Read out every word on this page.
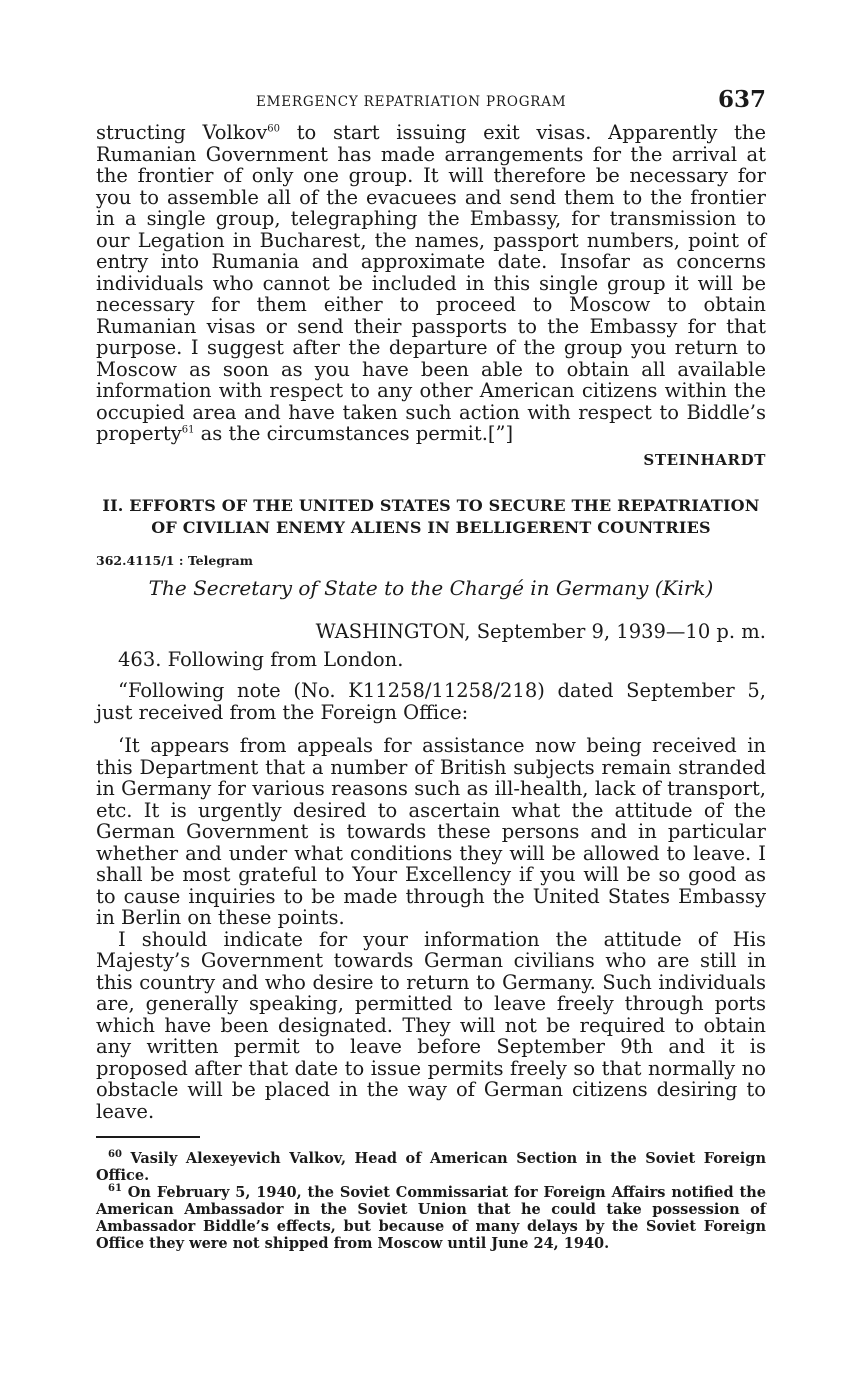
EMERGENCY REPATRIATION PROGRAM	637

structing Volkov$^{60}$ to start issuing exit visas. Apparently the Rumanian Government has made arrangements for the arrival at the frontier of only one group. It will therefore be necessary for you to assemble all of the evacuees and send them to the frontier in a single group, telegraphing the Embassy, for transmission to our Legation in Bucharest, the names, passport numbers, point of entry into Rumania and approximate date. Insofar as concerns individuals who cannot be included in this single group it will be necessary for them either to proceed to Moscow to obtain Rumanian visas or send their passports to the Embassy for that purpose. I suggest after the departure of the group you return to Moscow as soon as you have been able to obtain all available information with respect to any other American citizens within the occupied area and have taken such action with respect to Biddle’s property$^{61}$ as the circumstances permit.[”]

STEINHARDT
II. EFFORTS OF THE UNITED STATES TO SECURE THE REPATRIATION OF CIVILIAN ENEMY ALIENS IN BELLIGERENT COUNTRIES
362.4115/1 : Telegram
The Secretary of State to the Chargé in Germany (Kirk)
WASHINGTON, September 9, 1939—10 p. m.

463. Following from London.

“Following note (No. K11258/11258/218) dated September 5, just received from the Foreign Office:

‘It appears from appeals for assistance now being received in this Department that a number of British subjects remain stranded in Germany for various reasons such as ill-health, lack of transport, etc. It is urgently desired to ascertain what the attitude of the German Government is towards these persons and in particular whether and under what conditions they will be allowed to leave. I shall be most grateful to Your Excellency if you will be so good as to cause inquiries to be made through the United States Embassy in Berlin on these points.

I should indicate for your information the attitude of His Majesty’s Government towards German civilians who are still in this country and who desire to return to Germany. Such individuals are, generally speaking, permitted to leave freely through ports which have been designated. They will not be required to obtain any written permit to leave before September 9th and it is proposed after that date to issue permits freely so that normally no obstacle will be placed in the way of German citizens desiring to leave.

$^{60}$ Vasily Alexeyevich Valkov, Head of American Section in the Soviet Foreign Office.

$^{61}$ On February 5, 1940, the Soviet Commissariat for Foreign Affairs notified the American Ambassador in the Soviet Union that he could take possession of Ambassador Biddle’s effects, but because of many delays by the Soviet Foreign Office they were not shipped from Moscow until June 24, 1940.
